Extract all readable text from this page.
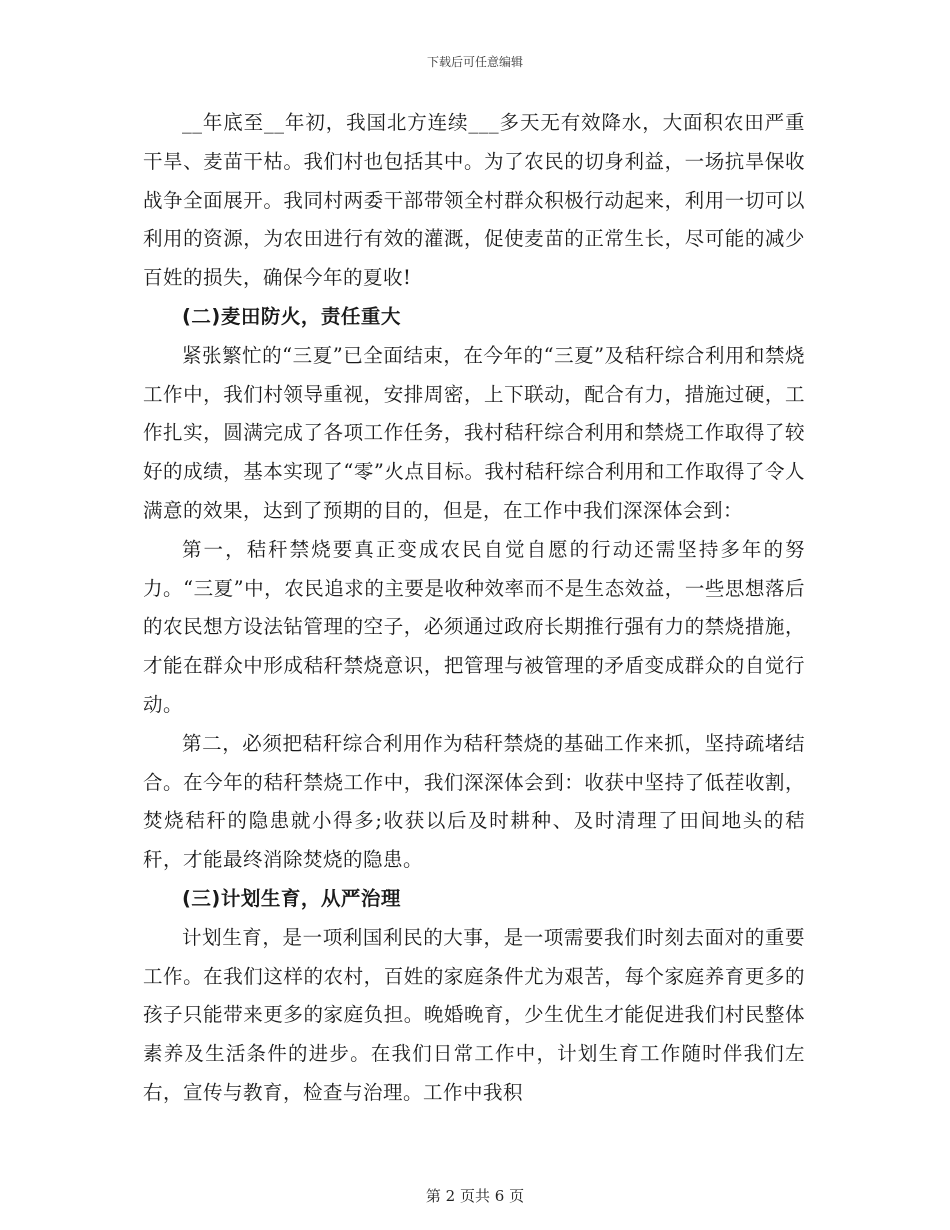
下载后可任意编辑

__年底至__年初，我国北方连续___多天无有效降水，大面积农田严重干旱、麦苗干枯。我们村也包括其中。为了农民的切身利益，一场抗旱保收战争全面展开。我同村两委干部带领全村群众积极行动起来，利用一切可以利用的资源，为农田进行有效的灌溉，促使麦苗的正常生长，尽可能的减少百姓的损失，确保今年的夏收!

(二)麦田防火，责任重大

紧张繁忙的“三夏”已全面结束，在今年的“三夏”及秸秆综合利用和禁烧工作中，我们村领导重视，安排周密，上下联动，配合有力，措施过硬，工作扎实，圆满完成了各项工作任务，我村秸秆综合利用和禁烧工作取得了较好的成绩，基本实现了“零”火点目标。我村秸秆综合利用和工作取得了令人满意的效果，达到了预期的目的，但是，在工作中我们深深体会到：

第一，秸秆禁烧要真正变成农民自觉自愿的行动还需坚持多年的努力。“三夏”中，农民追求的主要是收种效率而不是生态效益，一些思想落后的农民想方设法钻管理的空子，必须通过政府长期推行强有力的禁烧措施，才能在群众中形成秸秆禁烧意识，把管理与被管理的矛盾变成群众的自觉行动。

第二，必须把秸秆综合利用作为秸秆禁烧的基础工作来抓，坚持疏堵结合。在今年的秸秆禁烧工作中，我们深深体会到：收获中坚持了低茬收割，焚烧秸秆的隐患就小得多;收获以后及时耕种、及时清理了田间地头的秸秆，才能最终消除焚烧的隐患。

(三)计划生育，从严治理

计划生育，是一项利国利民的大事，是一项需要我们时刻去面对的重要工作。在我们这样的农村，百姓的家庭条件尤为艰苦，每个家庭养育更多的孩子只能带来更多的家庭负担。晚婚晚育，少生优生才能促进我们村民整体素养及生活条件的进步。在我们日常工作中，计划生育工作随时伴我们左右，宣传与教育，检查与治理。工作中我积

第 2 页共 6 页
